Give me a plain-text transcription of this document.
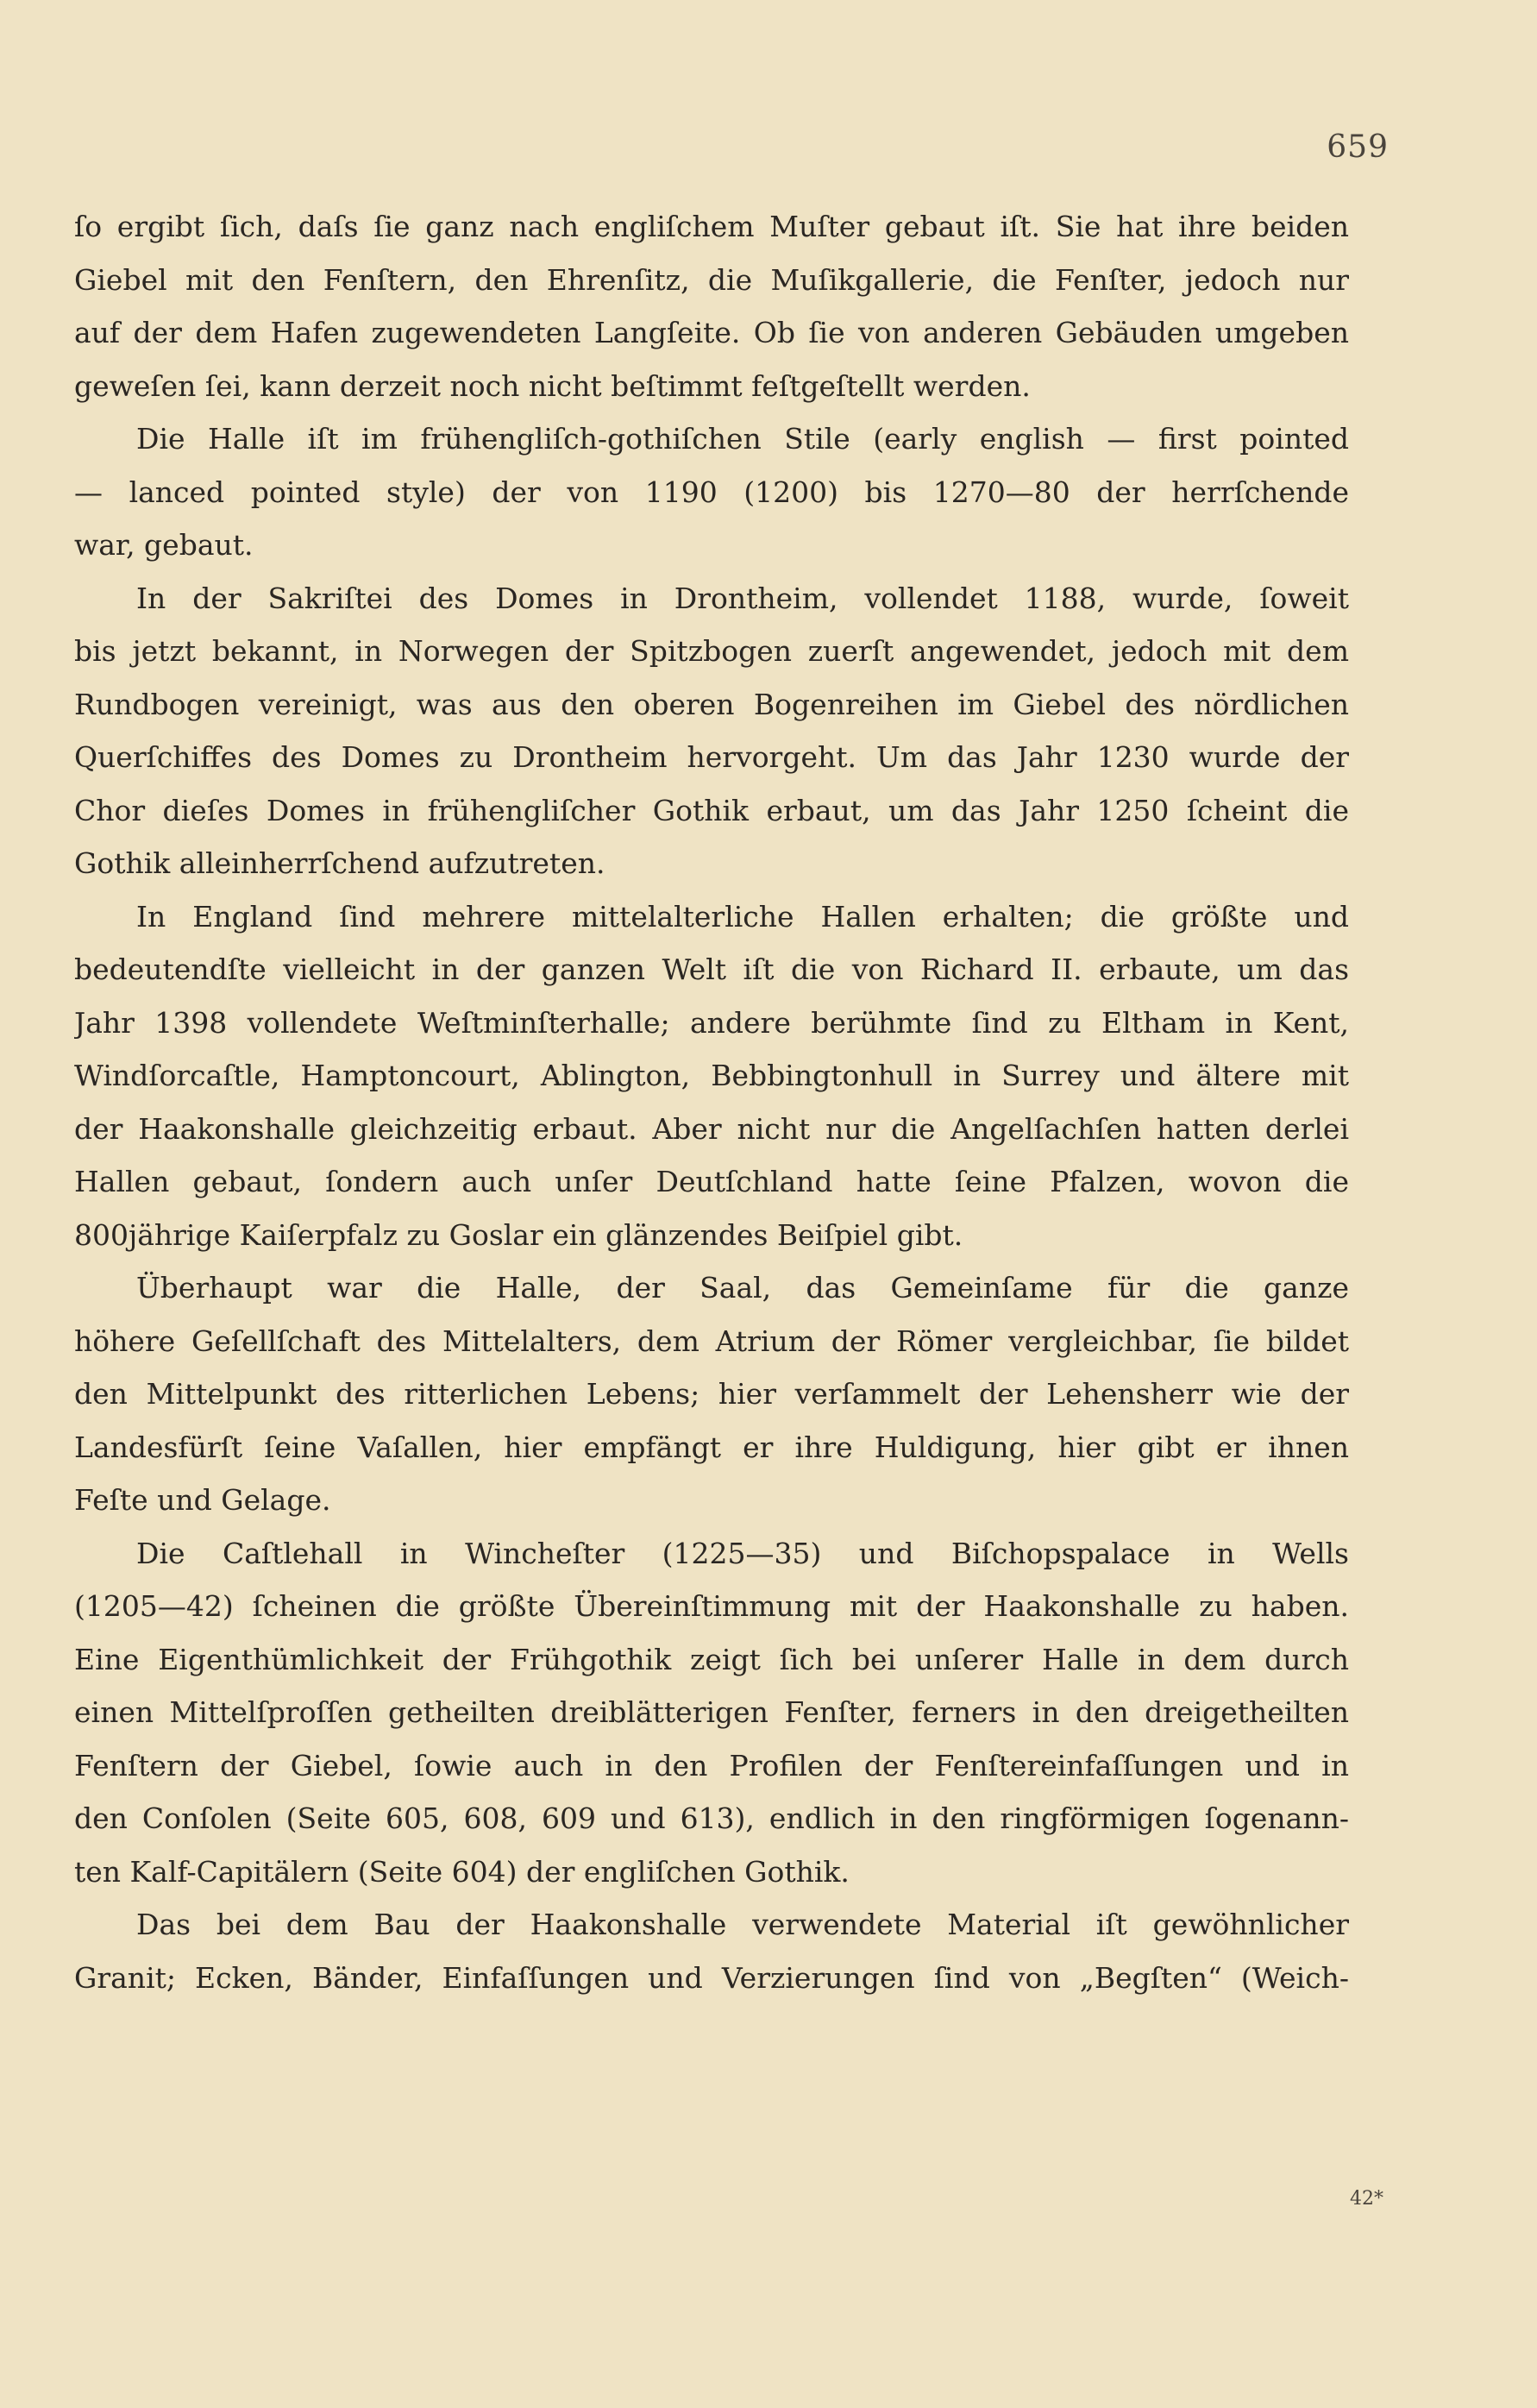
659
ſo ergibt ſich, daſs ſie ganz nach engliſchem Muſter gebaut iſt. Sie hat ihre beiden
Giebel mit den Fenſtern, den Ehrenſitz, die Muſikgallerie, die Fenſter, jedoch nur
auf der dem Hafen zugewendeten Langſeite. Ob ſie von anderen Gebäuden umgeben
geweſen ſei, kann derzeit noch nicht beſtimmt feſtgeſtellt werden.
Die Halle iſt im frühengliſch-gothiſchen Stile (early english — first pointed
— lanced pointed style) der von 1190 (1200) bis 1270—80 der herrſchende
war, gebaut.
In der Sakriſtei des Domes in Drontheim, vollendet 1188, wurde, ſoweit
bis jetzt bekannt, in Norwegen der Spitzbogen zuerſt angewendet, jedoch mit dem
Rundbogen vereinigt, was aus den oberen Bogenreihen im Giebel des nördlichen
Querſchiffes des Domes zu Drontheim hervorgeht. Um das Jahr 1230 wurde der
Chor dieſes Domes in frühengliſcher Gothik erbaut, um das Jahr 1250 ſcheint die
Gothik alleinherrſchend aufzutreten.
In England ſind mehrere mittelalterliche Hallen erhalten; die größte und
bedeutendſte vielleicht in der ganzen Welt iſt die von Richard II. erbaute, um das
Jahr 1398 vollendete Weſtminſterhalle; andere berühmte ſind zu Eltham in Kent,
Windſorcaſtle, Hamptoncourt, Ablington, Bebbingtonhull in Surrey und ältere mit
der Haakonshalle gleichzeitig erbaut. Aber nicht nur die Angelſachſen hatten derlei
Hallen gebaut, ſondern auch unſer Deutſchland hatte ſeine Pfalzen, wovon die
800jährige Kaiſerpfalz zu Goslar ein glänzendes Beiſpiel gibt.
Überhaupt war die Halle, der Saal, das Gemeinſame für die ganze
höhere Geſellſchaft des Mittelalters, dem Atrium der Römer vergleichbar, ſie bildet
den Mittelpunkt des ritterlichen Lebens; hier verſammelt der Lehensherr wie der
Landesfürſt ſeine Vaſallen, hier empfängt er ihre Huldigung, hier gibt er ihnen
Feſte und Gelage.
Die Caſtlehall in Wincheſter (1225—35) und Biſchopspalace in Wells
(1205—42) ſcheinen die größte Übereinſtimmung mit der Haakonshalle zu haben.
Eine Eigenthümlichkeit der Frühgothik zeigt ſich bei unſerer Halle in dem durch
einen Mittelſproſſen getheilten dreiblätterigen Fenſter, ferners in den dreigetheilten
Fenſtern der Giebel, ſowie auch in den Profilen der Fenſtereinfaſſungen und in
den Conſolen (Seite 605, 608, 609 und 613), endlich in den ringförmigen ſogenann-
ten Kalf-Capitälern (Seite 604) der engliſchen Gothik.
Das bei dem Bau der Haakonshalle verwendete Material iſt gewöhnlicher
Granit; Ecken, Bänder, Einfaſſungen und Verzierungen ſind von „Begſten“ (Weich-
42*
